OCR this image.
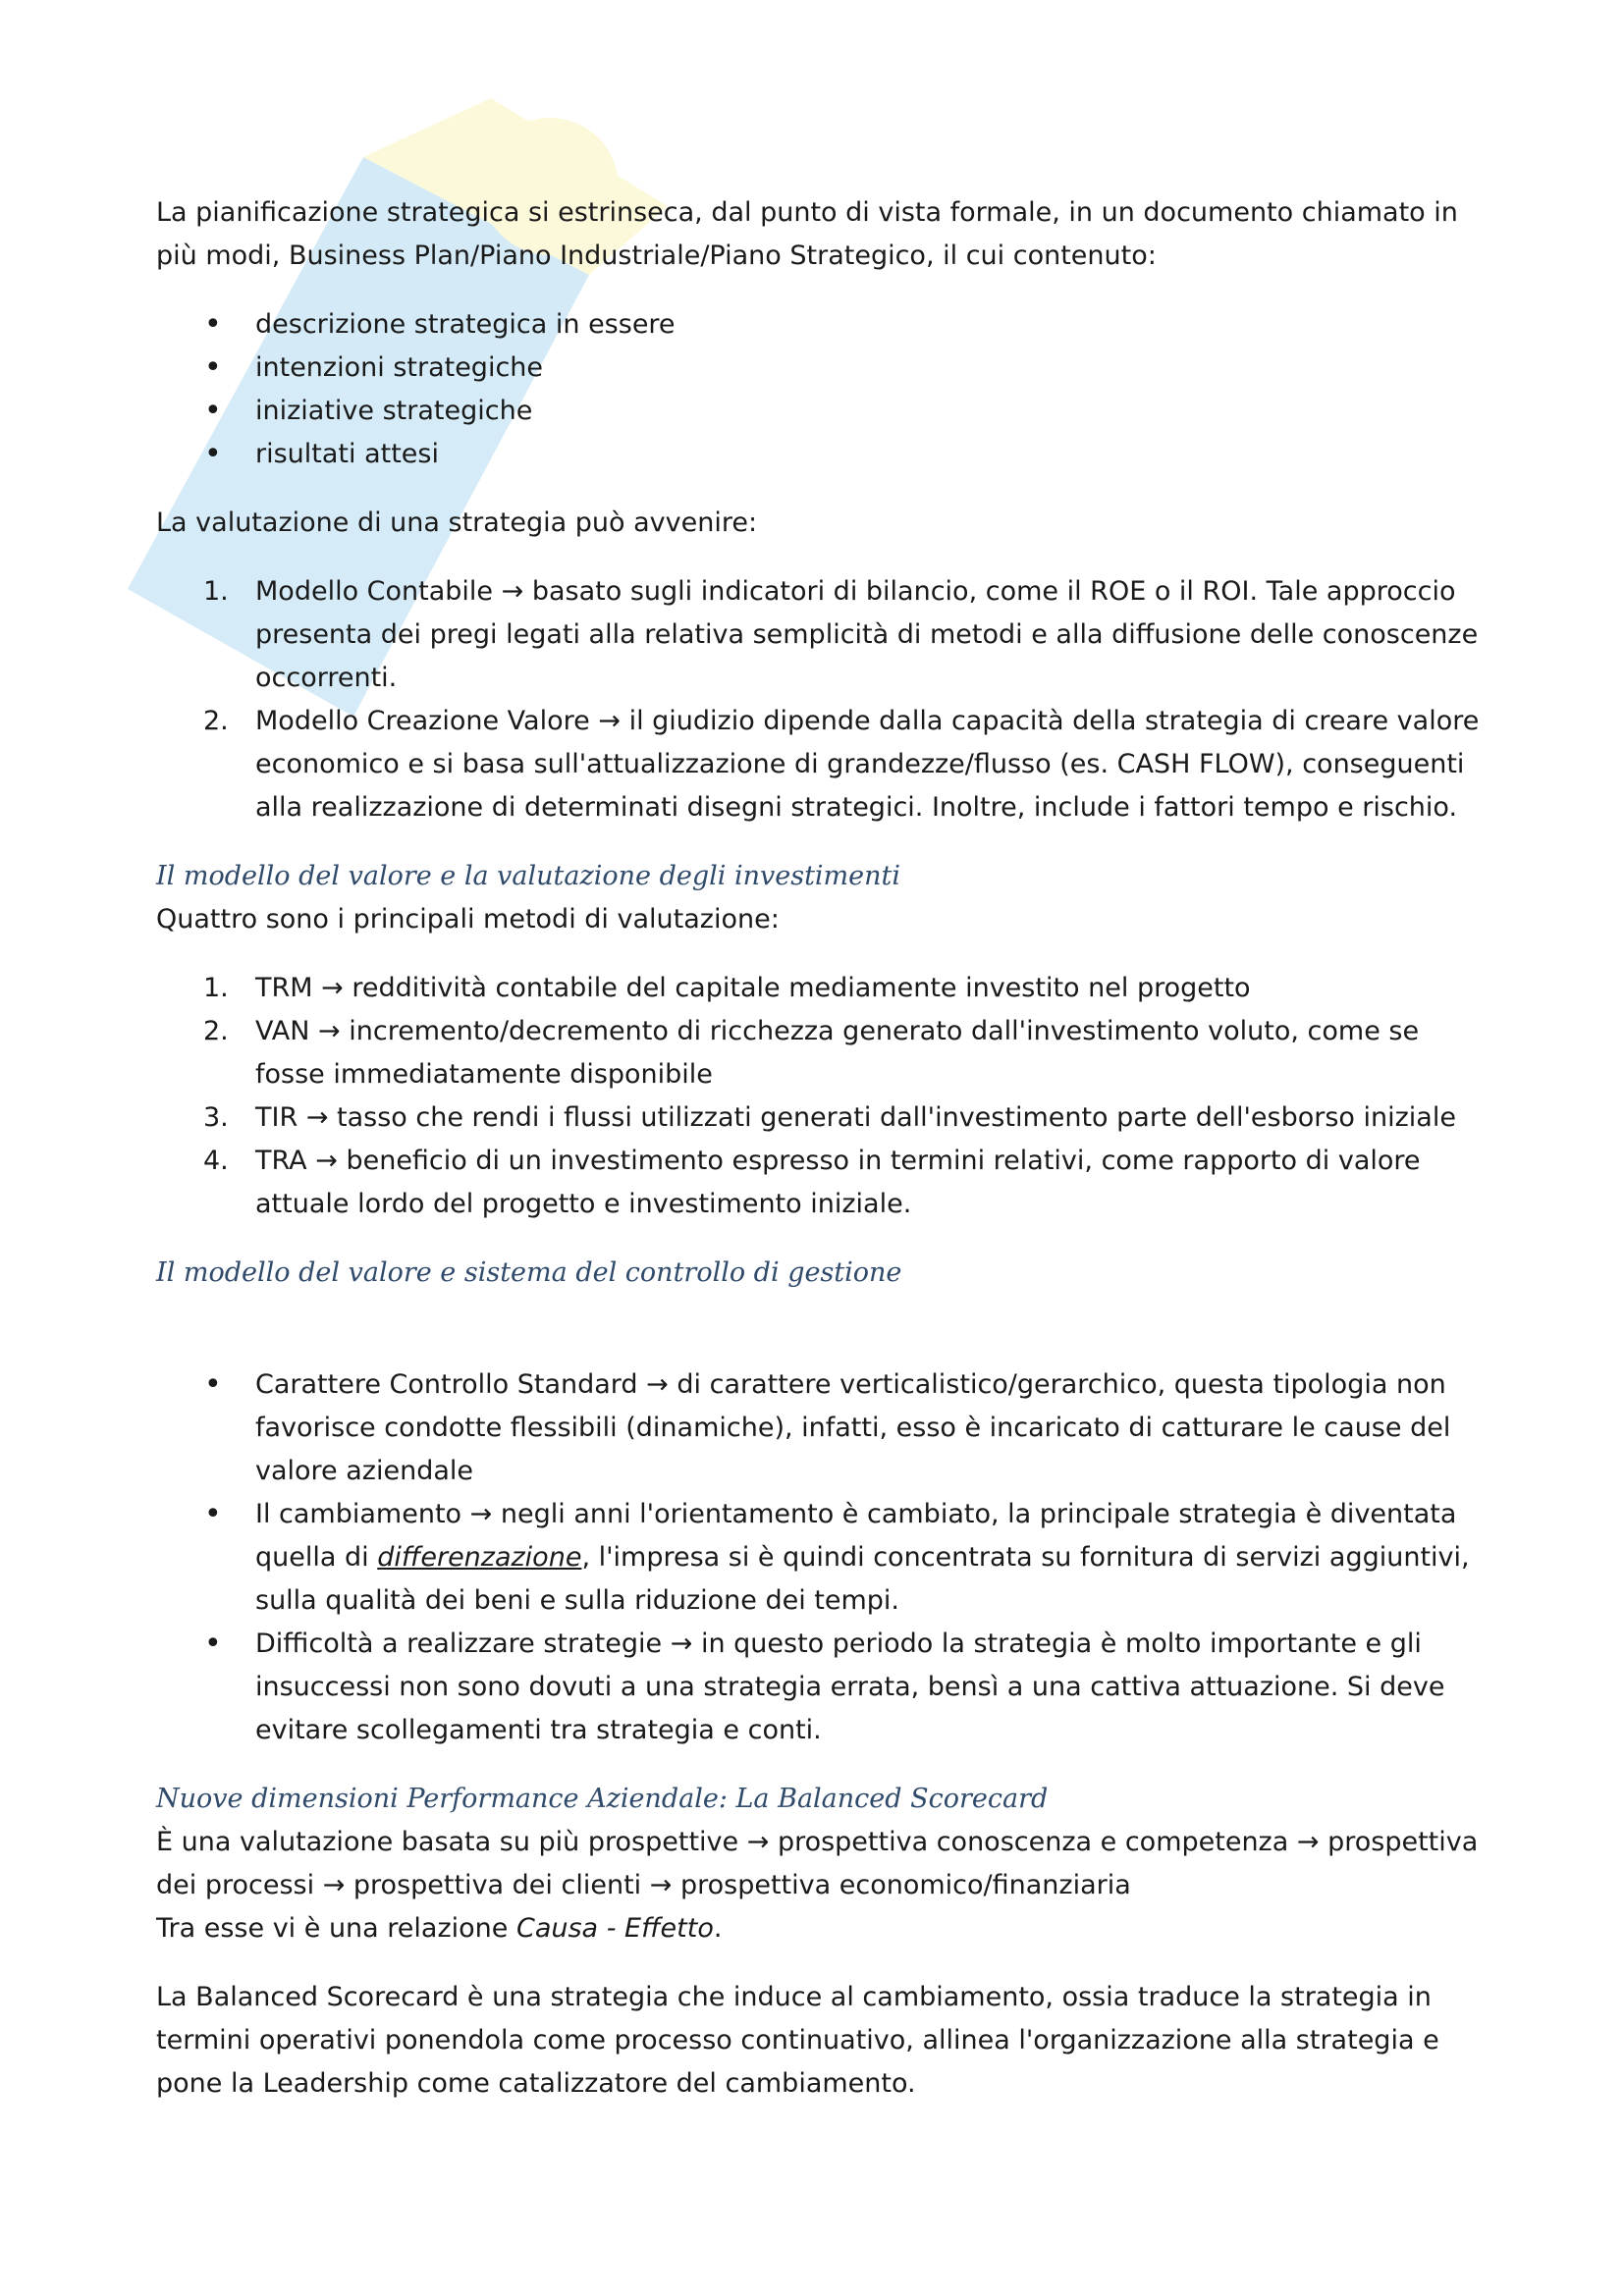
La pianificazione strategica si estrinseca, dal punto di vista formale, in un documento chiamato in più modi, Business Plan/Piano Industriale/Piano Strategico, il cui contenuto:

• descrizione strategica in essere
• intenzioni strategiche
• iniziative strategiche
• risultati attesi

La valutazione di una strategia può avvenire:

1. Modello Contabile → basato sugli indicatori di bilancio, come il ROE o il ROI. Tale approccio presenta dei pregi legati alla relativa semplicità di metodi e alla diffusione delle conoscenze occorrenti.
2. Modello Creazione Valore → il giudizio dipende dalla capacità della strategia di creare valore economico e si basa sull'attualizzazione di grandezze/flusso (es. CASH FLOW), conseguenti alla realizzazione di determinati disegni strategici. Inoltre, include i fattori tempo e rischio.
Il modello del valore e la valutazione degli investimenti

Quattro sono i principali metodi di valutazione:

1. TRM → redditività contabile del capitale mediamente investito nel progetto
2. VAN → incremento/decremento di ricchezza generato dall'investimento voluto, come se fosse immediatamente disponibile
3. TIR → tasso che rendi i flussi utilizzati generati dall'investimento parte dell'esborso iniziale
4. TRA → beneficio di un investimento espresso in termini relativi, come rapporto di valore attuale lordo del progetto e investimento iniziale.
Il modello del valore e sistema del controllo di gestione
• Carattere Controllo Standard → di carattere verticalistico/gerarchico, questa tipologia non favorisce condotte flessibili (dinamiche), infatti, esso è incaricato di catturare le cause del valore aziendale
• Il cambiamento → negli anni l'orientamento è cambiato, la principale strategia è diventata quella di differenzazione, l'impresa si è quindi concentrata su fornitura di servizi aggiuntivi, sulla qualità dei beni e sulla riduzione dei tempi.
• Difficoltà a realizzare strategie → in questo periodo la strategia è molto importante e gli insuccessi non sono dovuti a una strategia errata, bensì a una cattiva attuazione. Si deve evitare scollegamenti tra strategia e conti.
Nuove dimensioni Performance Aziendale: La Balanced Scorecard

È una valutazione basata su più prospettive → prospettiva conoscenza e competenza → prospettiva dei processi → prospettiva dei clienti → prospettiva economico/finanziaria

Tra esse vi è una relazione Causa - Effetto.

La Balanced Scorecard è una strategia che induce al cambiamento, ossia traduce la strategia in termini operativi ponendola come processo continuativo, allinea l'organizzazione alla strategia e pone la Leadership come catalizzatore del cambiamento.
